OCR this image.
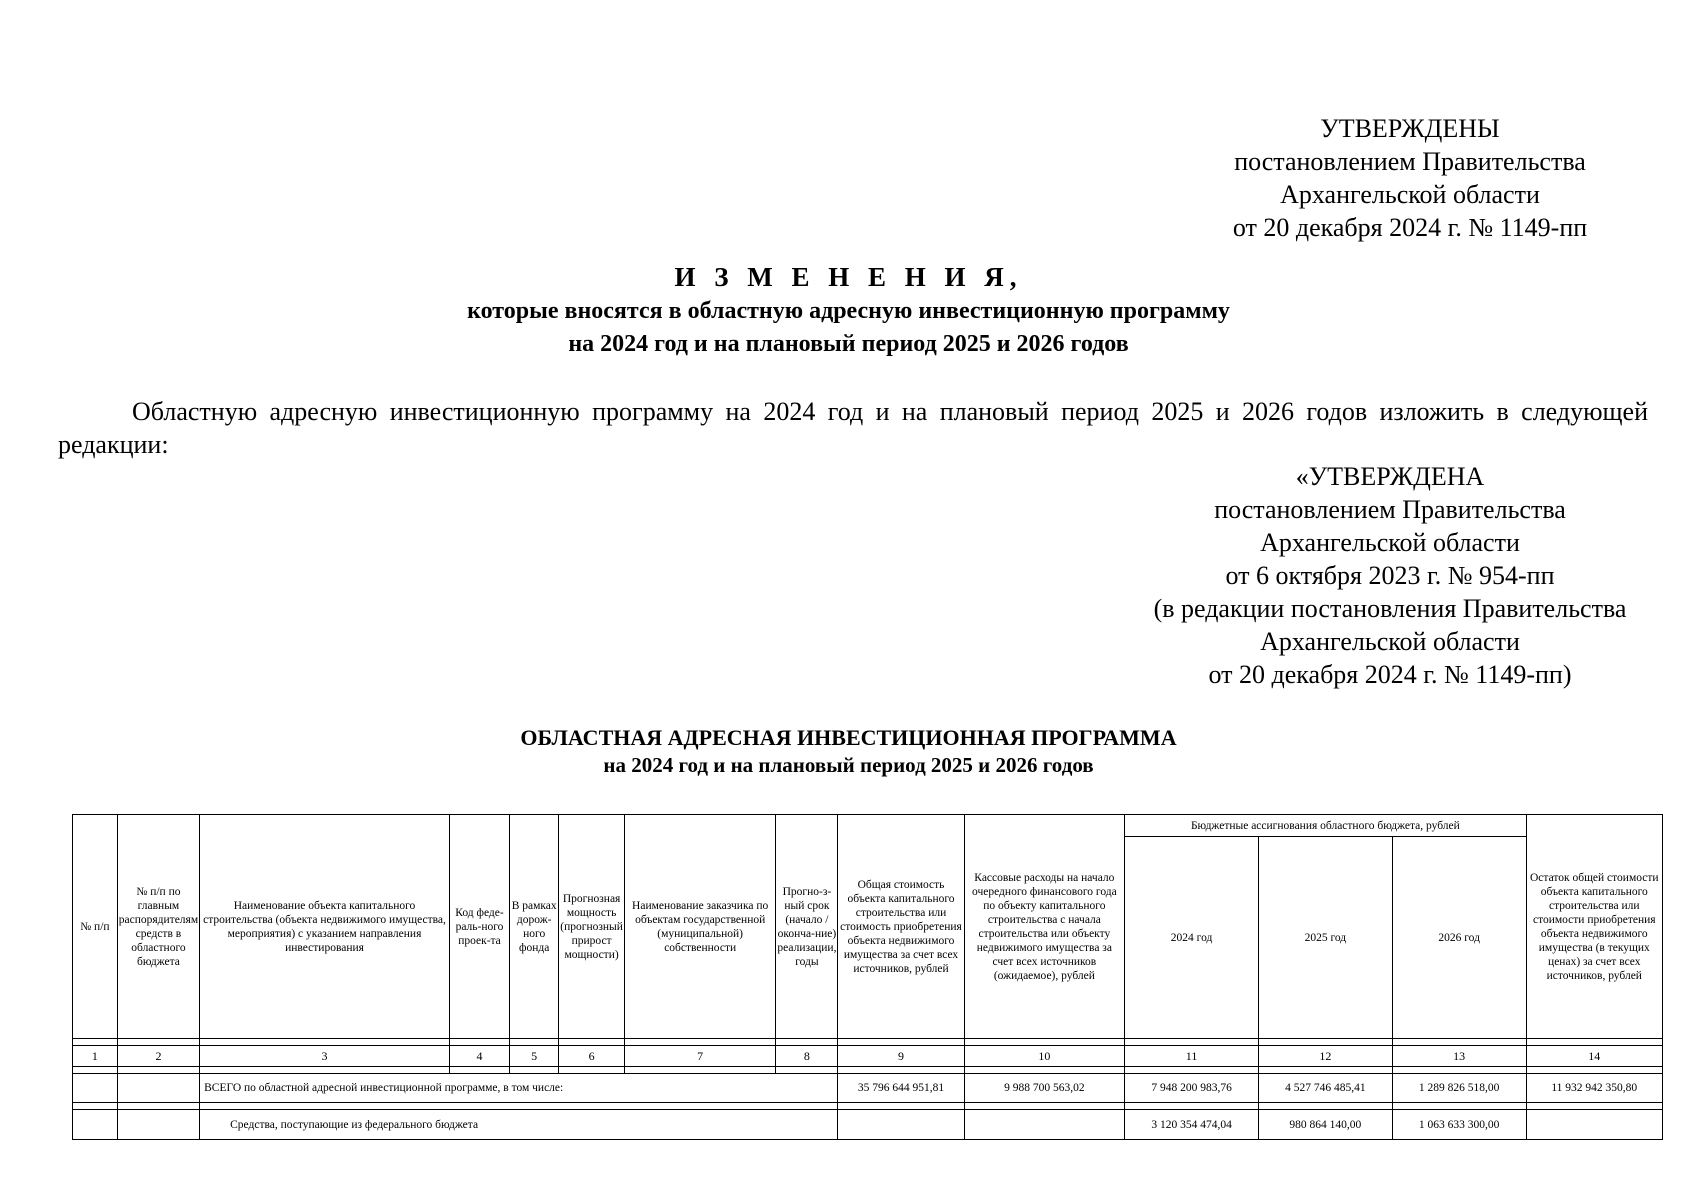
УТВЕРЖДЕНЫ
постановлением Правительства
Архангельской области
от 20 декабря 2024 г. № 1149-пп
И З М Е Н Е Н И Я,
которые вносятся в областную адресную инвестиционную программу
на 2024 год и на плановый период 2025 и 2026 годов
Областную адресную инвестиционную программу на 2024 год и на плановый период 2025 и 2026 годов изложить в следующей редакции:
«УТВЕРЖДЕНА
постановлением Правительства
Архангельской области
от 6 октября 2023 г. № 954-пп
(в редакции постановления Правительства
Архангельской области
от 20 декабря 2024 г. № 1149-пп)
ОБЛАСТНАЯ АДРЕСНАЯ ИНВЕСТИЦИОННАЯ ПРОГРАММА
на 2024 год и на плановый период 2025 и 2026 годов
№ п/п	№ п/п по главным распорядителям средств в областного бюджета	Наименование объекта капитального строительства (объекта недвижимого имущества, мероприятия) с указанием направления инвестирования	Код феде-раль-ного проек-та	В рамках дорож-ного фонда	Прогнозная мощность (прогнозный прирост мощности)	Наименование заказчика по объектам государственной (муниципальной) собственности	Прогно-з-ный срок (начало / оконча-ние) реализации, годы	Общая стоимость объекта капитального строительства или стоимость приобретения объекта недвижимого имущества за счет всех источников, рублей	Кассовые расходы на начало очередного финансового года по объекту капитального строительства с начала строительства или объекту недвижимого имущества за счет всех источников (ожидаемое), рублей	Бюджетные ассигнования областного бюджета, рублей			Остаток общей стоимости объекта капитального строительства или стоимости приобретения объекта недвижимого имущества (в текущих ценах) за счет всех источников, рублей
										2024 год	2025 год	2026 год	

1	2	3	4	5	6	7	8	9	10	11	12	13	14

		ВСЕГО по областной адресной инвестиционной программе, в том числе:						35 796 644 951,81	9 988 700 563,02	7 948 200 983,76	4 527 746 485,41	1 289 826 518,00	11 932 942 350,80

		Средства, поступающие из федерального бюджета								3 120 354 474,04	980 864 140,00	1 063 633 300,00	
